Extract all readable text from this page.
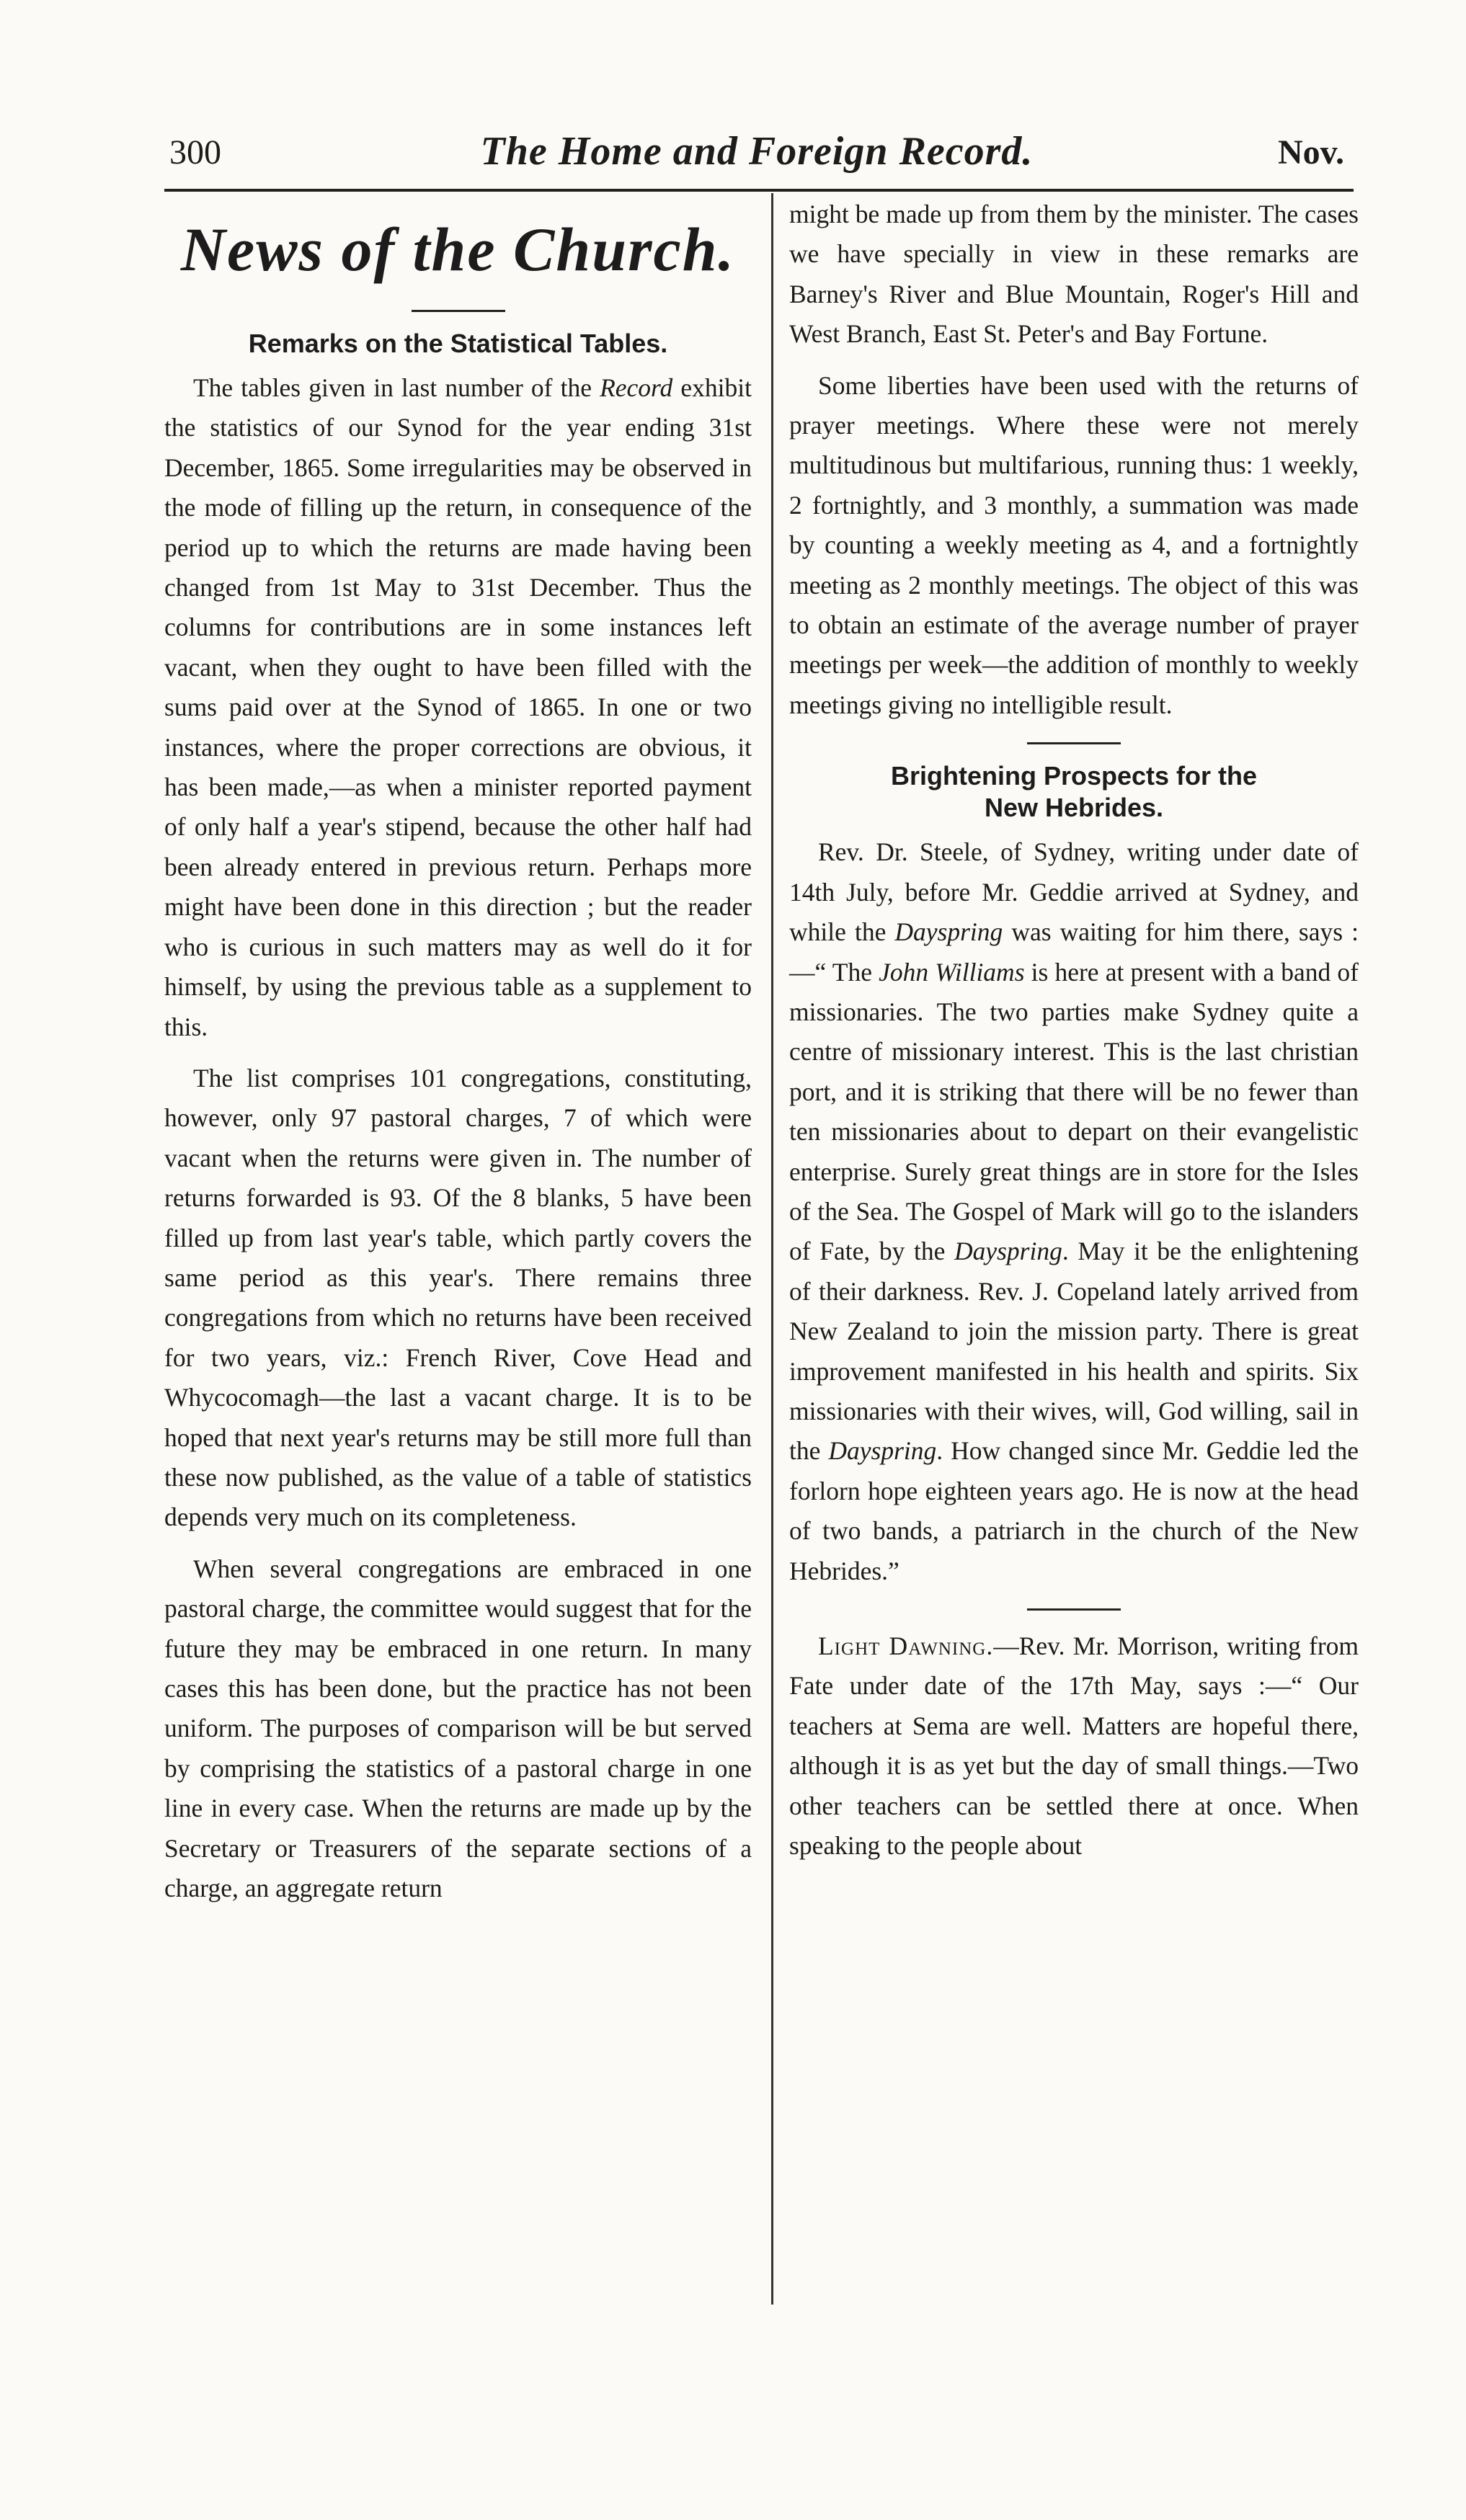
300	The Home and Foreign Record.	Nov.
News of the Church.
Remarks on the Statistical Tables.

The tables given in last number of the Record exhibit the statistics of our Synod for the year ending 31st December, 1865. Some irregularities may be observed in the mode of filling up the return, in consequence of the period up to which the returns are made having been changed from 1st May to 31st December. Thus the columns for contributions are in some instances left vacant, when they ought to have been filled with the sums paid over at the Synod of 1865. In one or two instances, where the proper corrections are obvious, it has been made,—as when a minister reported payment of only half a year's stipend, because the other half had been already entered in previous return. Perhaps more might have been done in this direction ; but the reader who is curious in such matters may as well do it for himself, by using the previous table as a supplement to this.

The list comprises 101 congregations, constituting, however, only 97 pastoral charges, 7 of which were vacant when the returns were given in. The number of returns forwarded is 93. Of the 8 blanks, 5 have been filled up from last year's table, which partly covers the same period as this year's. There remains three congregations from which no returns have been received for two years, viz.: French River, Cove Head and Whycocomagh—the last a vacant charge. It is to be hoped that next year's returns may be still more full than these now published, as the value of a table of statistics depends very much on its completeness.

When several congregations are embraced in one pastoral charge, the committee would suggest that for the future they may be embraced in one return. In many cases this has been done, but the practice has not been uniform. The purposes of comparison will be but served by comprising the statistics of a pastoral charge in one line in every case. When the returns are made up by the Secretary or Treasurers of the separate sections of a charge, an aggregate return

might be made up from them by the minister. The cases we have specially in view in these remarks are Barney's River and Blue Mountain, Roger's Hill and West Branch, East St. Peter's and Bay Fortune.

Some liberties have been used with the returns of prayer meetings. Where these were not merely multitudinous but multifarious, running thus: 1 weekly, 2 fortnightly, and 3 monthly, a summation was made by counting a weekly meeting as 4, and a fortnightly meeting as 2 monthly meetings. The object of this was to obtain an estimate of the average number of prayer meetings per week—the addition of monthly to weekly meetings giving no intelligible result.

Brightening Prospects for the
New Hebrides.

Rev. Dr. Steele, of Sydney, writing under date of 14th July, before Mr. Geddie arrived at Sydney, and while the Dayspring was waiting for him there, says :—“ The John Williams is here at present with a band of missionaries. The two parties make Sydney quite a centre of missionary interest. This is the last christian port, and it is striking that there will be no fewer than ten missionaries about to depart on their evangelistic enterprise. Surely great things are in store for the Isles of the Sea. The Gospel of Mark will go to the islanders of Fate, by the Dayspring. May it be the enlightening of their darkness. Rev. J. Copeland lately arrived from New Zealand to join the mission party. There is great improvement manifested in his health and spirits. Six missionaries with their wives, will, God willing, sail in the Dayspring. How changed since Mr. Geddie led the forlorn hope eighteen years ago. He is now at the head of two bands, a patriarch in the church of the New Hebrides.”

Light Dawning.—Rev. Mr. Morrison, writing from Fate under date of the 17th May, says :—“ Our teachers at Sema are well. Matters are hopeful there, although it is as yet but the day of small things.—Two other teachers can be settled there at once. When speaking to the people about
